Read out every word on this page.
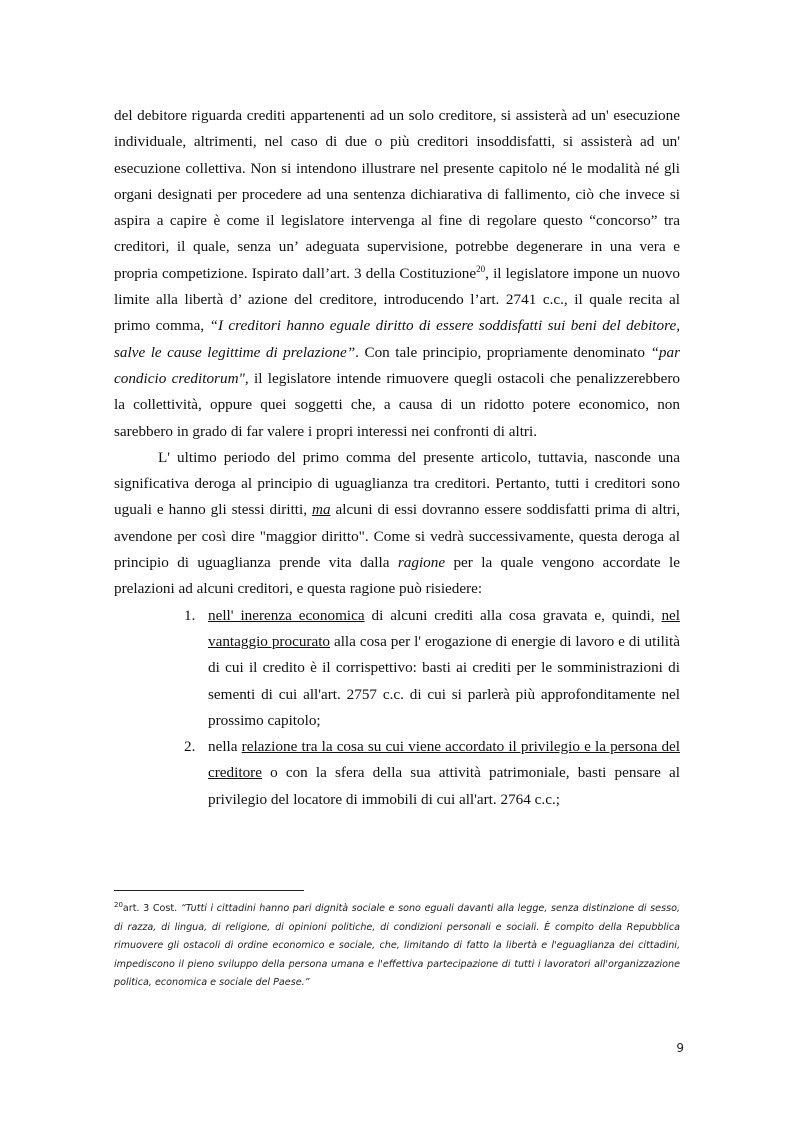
del debitore riguarda crediti appartenenti ad un solo creditore, si assisterà ad un' esecuzione individuale, altrimenti, nel caso di due o più creditori insoddisfatti, si assisterà ad un' esecuzione collettiva. Non si intendono illustrare nel presente capitolo né le modalità né gli organi designati per procedere ad una sentenza dichiarativa di fallimento, ciò che invece si aspira a capire è come il legislatore intervenga al fine di regolare questo “concorso” tra creditori, il quale, senza un’ adeguata supervisione, potrebbe degenerare in una vera e propria competizione. Ispirato dall’art. 3 della Costituzione$^{20}$, il legislatore impone un nuovo limite alla libertà d’ azione del creditore, introducendo l’art. 2741 c.c., il quale recita al primo comma, “I creditori hanno eguale diritto di essere soddisfatti sui beni del debitore, salve le cause legittime di prelazione”. Con tale principio, propriamente denominato “par condicio creditorum", il legislatore intende rimuovere quegli ostacoli che penalizzerebbero la collettività, oppure quei soggetti che, a causa di un ridotto potere economico, non sarebbero in grado di far valere i propri interessi nei confronti di altri.

L' ultimo periodo del primo comma del presente articolo, tuttavia, nasconde una significativa deroga al principio di uguaglianza tra creditori. Pertanto, tutti i creditori sono uguali e hanno gli stessi diritti, ma alcuni di essi dovranno essere soddisfatti prima di altri, avendone per così dire "maggior diritto". Come si vedrà successivamente, questa deroga al principio di uguaglianza prende vita dalla ragione per la quale vengono accordate le prelazioni ad alcuni creditori, e questa ragione può risiedere:

1. nell' inerenza economica di alcuni crediti alla cosa gravata e, quindi, nel vantaggio procurato alla cosa per l' erogazione di energie di lavoro e di utilità di cui il credito è il corrispettivo: basti ai crediti per le somministrazioni di sementi di cui all'art. 2757 c.c. di cui si parlerà più approfonditamente nel prossimo capitolo;
2. nella relazione tra la cosa su cui viene accordato il privilegio e la persona del creditore o con la sfera della sua attività patrimoniale, basti pensare al privilegio del locatore di immobili di cui all'art. 2764 c.c.;
$^{20}$art. 3 Cost. “Tutti i cittadini hanno pari dignità sociale e sono eguali davanti alla legge, senza distinzione di sesso, di razza, di lingua, di religione, di opinioni politiche, di condizioni personali e sociali. È compito della Repubblica rimuovere gli ostacoli di ordine economico e sociale, che, limitando di fatto la libertà e l'eguaglianza dei cittadini, impediscono il pieno sviluppo della persona umana e l'effettiva partecipazione di tutti i lavoratori all'organizzazione politica, economica e sociale del Paese.”
9
